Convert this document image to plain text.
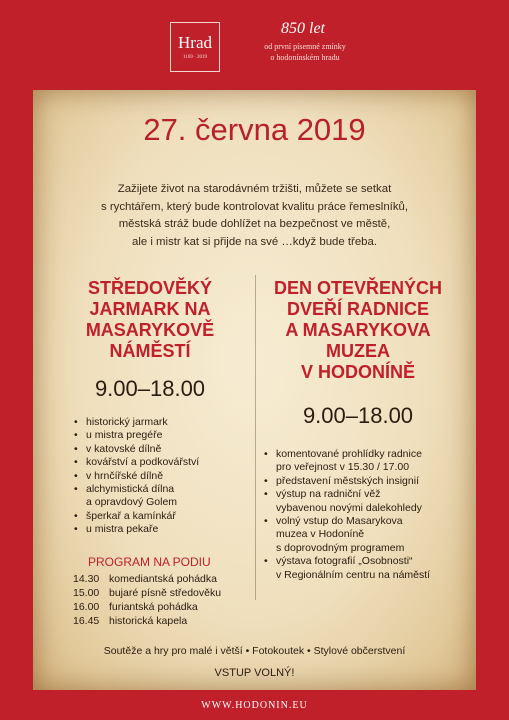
Hrad
1169 · 2019
850 let
od první písemné zmínky
o hodonínském hradu
27. června 2019
Zažijete život na starodávném tržišti, můžete se setkat
s rychtářem, který bude kontrolovat kvalitu práce řemeslníků,
městská stráž bude dohlížet na bezpečnost ve městě,
ale i mistr kat si přijde na své …když bude třeba.
STŘEDOVĚKÝ
JARMARK NA
MASARYKOVĚ
NÁMĚSTÍ
9.00–18.00
• historický jarmark
• u mistra pregéře
• v katovské dílně
• kovářství a podkovářství
• v hrnčířské dílně
• alchymistická dílna
a opravdový Golem
• šperkař a kamínkář
• u mistra pekaře
PROGRAM NA PODIU
14.30 komediantská pohádka
15.00 bujaré písně středověku
16.00 furiantská pohádka
16.45 historická kapela
DEN OTEVŘENÝCH
DVEŘÍ RADNICE
A MASARYKOVA
MUZEA
V HODONÍNĚ
9.00–18.00
• komentované prohlídky radnice
pro veřejnost v 15.30 / 17.00
• představení městských insignií
• výstup na radniční věž
vybavenou novými dalekohledy
• volný vstup do Masarykova
muzea v Hodoníně
s doprovodným programem
• výstava fotografií „Osobnosti“
v Regionálním centru na náměstí
Soutěže a hry pro malé i větší • Fotokoutek • Stylové občerstvení
VSTUP VOLNÝ!
WWW.HODONIN.EU
